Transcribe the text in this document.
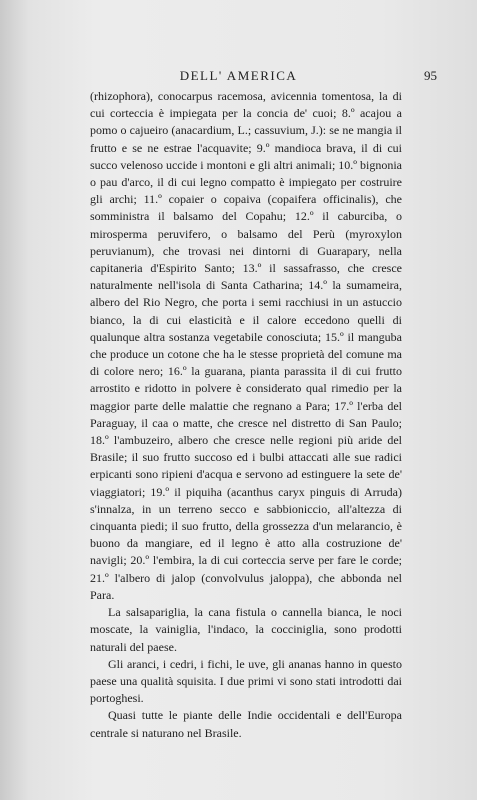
DELL' AMERICA	95

(rhizophora), conocarpus racemosa, avicennia tomentosa, la di cui corteccia è impiegata per la concia de' cuoi; 8.º acajou a pomo o cajueiro (anacardium, L.; cassuvium, J.): se ne mangia il frutto e se ne estrae l'acquavite; 9.º mandioca brava, il di cui succo velenoso uccide i montoni e gli altri animali; 10.º bignonia o pau d'arco, il di cui legno compatto è impiegato per costruire gli archi; 11.º copaier o copaiva (copaifera officinalis), che somministra il balsamo del Copahu; 12.º il caburciba, o mirosperma peruvifero, o balsamo del Perù (myroxylon peruvianum), che trovasi nei dintorni di Guarapary, nella capitaneria d'Espirito Santo; 13.º il sassafrasso, che cresce naturalmente nell'isola di Santa Catharina; 14.º la sumameira, albero del Rio Negro, che porta i semi racchiusi in un astuccio bianco, la di cui elasticità e il calore eccedono quelli di qualunque altra sostanza vegetabile conosciuta; 15.º il manguba che produce un cotone che ha le stesse proprietà del comune ma di colore nero; 16.º la guarana, pianta parassita il di cui frutto arrostito e ridotto in polvere è considerato qual rimedio per la maggior parte delle malattie che regnano a Para; 17.º l'erba del Paraguay, il caa o matte, che cresce nel distretto di San Paulo; 18.º l'ambuzeiro, albero che cresce nelle regioni più aride del Brasile; il suo frutto succoso ed i bulbi attaccati alle sue radici erpicanti sono ripieni d'acqua e servono ad estinguere la sete de' viaggiatori; 19.º il piquiha (acanthus caryx pinguis di Arruda) s'innalza, in un terreno secco e sabbioniccio, all'altezza di cinquanta piedi; il suo frutto, della grossezza d'un melarancio, è buono da mangiare, ed il legno è atto alla costruzione de' navigli; 20.º l'embira, la di cui corteccia serve per fare le corde; 21.º l'albero di jalop (convolvulus jaloppa), che abbonda nel Para.

La salsapariglia, la cana fistula o cannella bianca, le noci moscate, la vainiglia, l'indaco, la cocciniglia, sono prodotti naturali del paese.

Gli aranci, i cedri, i fichi, le uve, gli ananas hanno in questo paese una qualità squisita. I due primi vi sono stati introdotti dai portoghesi.

Quasi tutte le piante delle Indie occidentali e dell'Europa centrale si naturano nel Brasile.
